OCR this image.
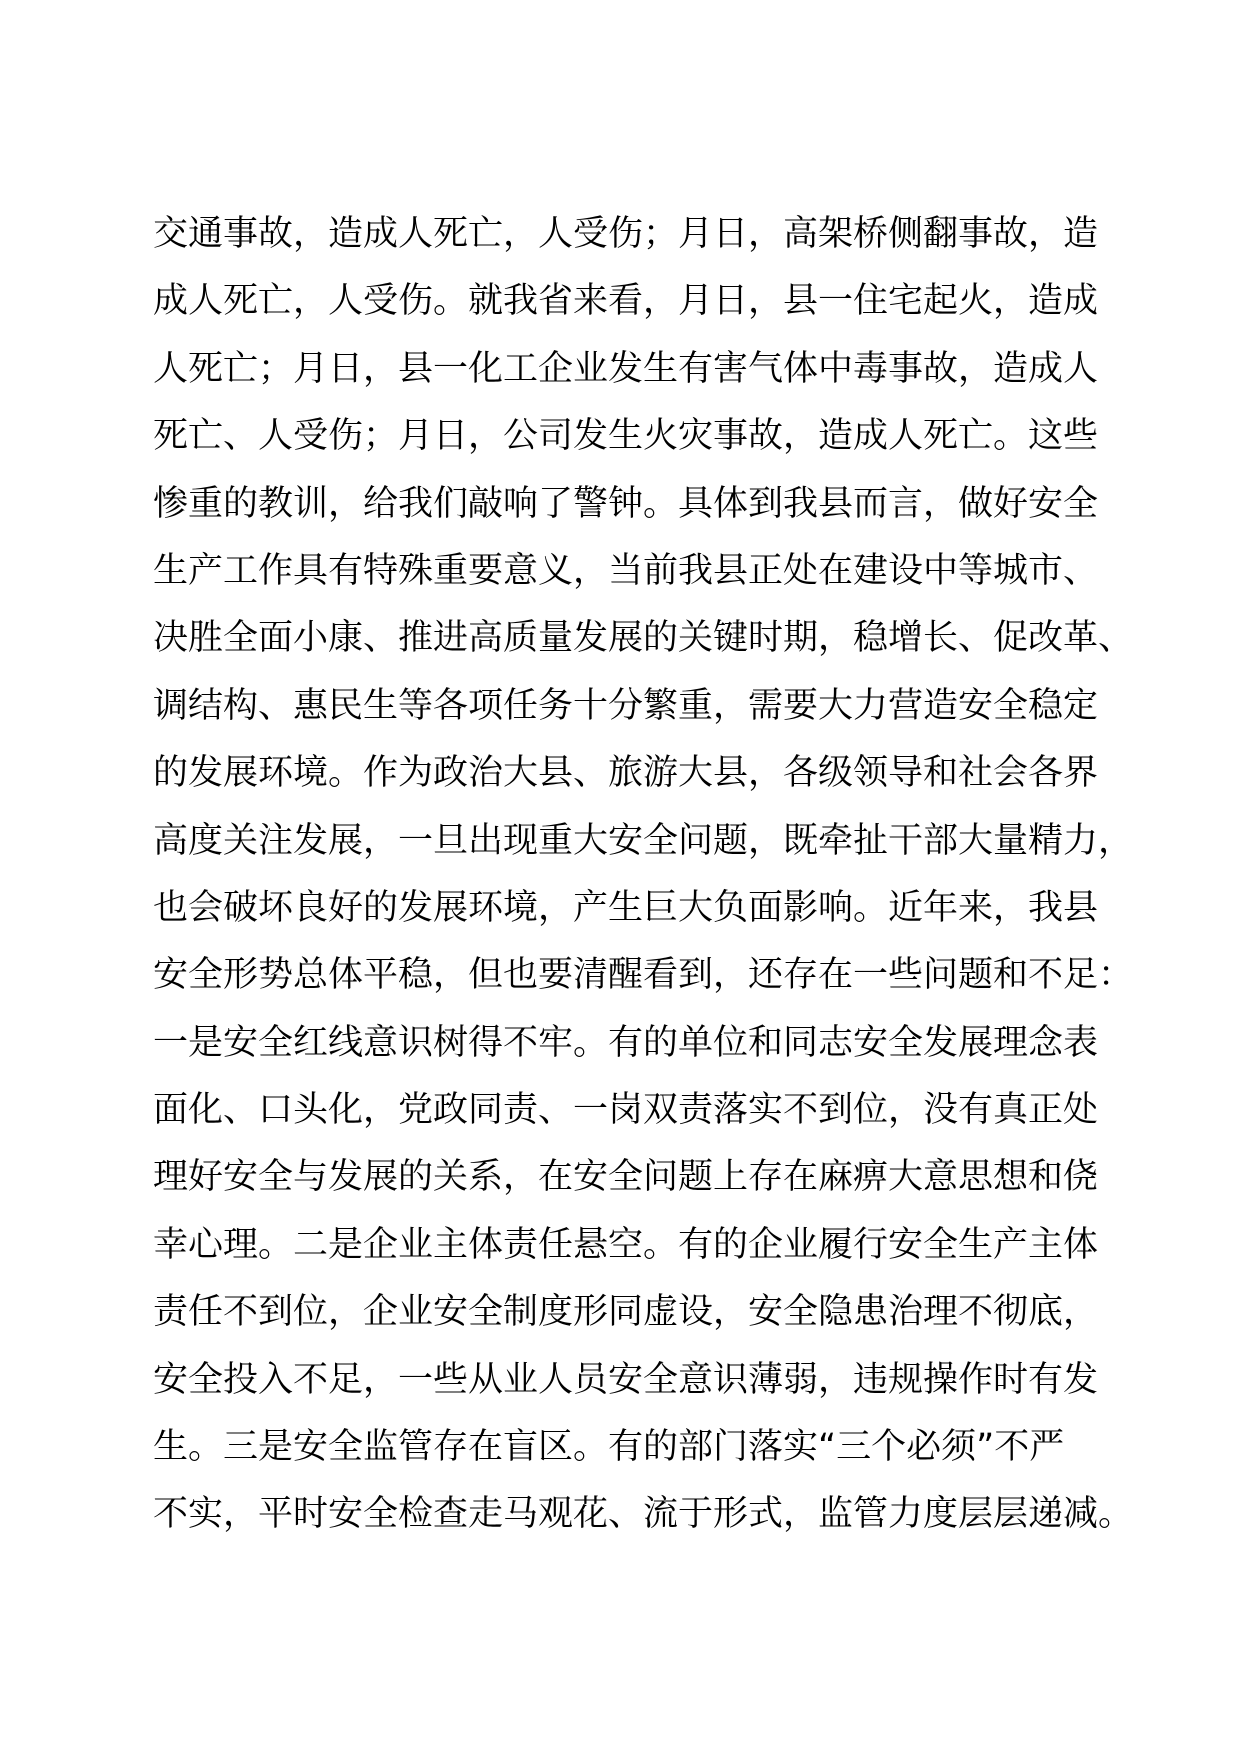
交通事故，造成人死亡，人受伤；月日，高架桥侧翻事故，造
成人死亡，人受伤。就我省来看，月日，县一住宅起火，造成
人死亡；月日，县一化工企业发生有害气体中毒事故，造成人
死亡、人受伤；月日，公司发生火灾事故，造成人死亡。这些
惨重的教训，给我们敲响了警钟。具体到我县而言，做好安全
生产工作具有特殊重要意义，当前我县正处在建设中等城市、
决胜全面小康、推进高质量发展的关键时期，稳增长、促改革、
调结构、惠民生等各项任务十分繁重，需要大力营造安全稳定
的发展环境。作为政治大县、旅游大县，各级领导和社会各界
高度关注发展，一旦出现重大安全问题，既牵扯干部大量精力，
也会破坏良好的发展环境，产生巨大负面影响。近年来，我县
安全形势总体平稳，但也要清醒看到，还存在一些问题和不足：
一是安全红线意识树得不牢。有的单位和同志安全发展理念表
面化、口头化，党政同责、一岗双责落实不到位，没有真正处
理好安全与发展的关系，在安全问题上存在麻痹大意思想和侥
幸心理。二是企业主体责任悬空。有的企业履行安全生产主体
责任不到位，企业安全制度形同虚设，安全隐患治理不彻底，
安全投入不足，一些从业人员安全意识薄弱，违规操作时有发
生。三是安全监管存在盲区。有的部门落实“三个必须”不严
不实，平时安全检查走马观花、流于形式，监管力度层层递减。
